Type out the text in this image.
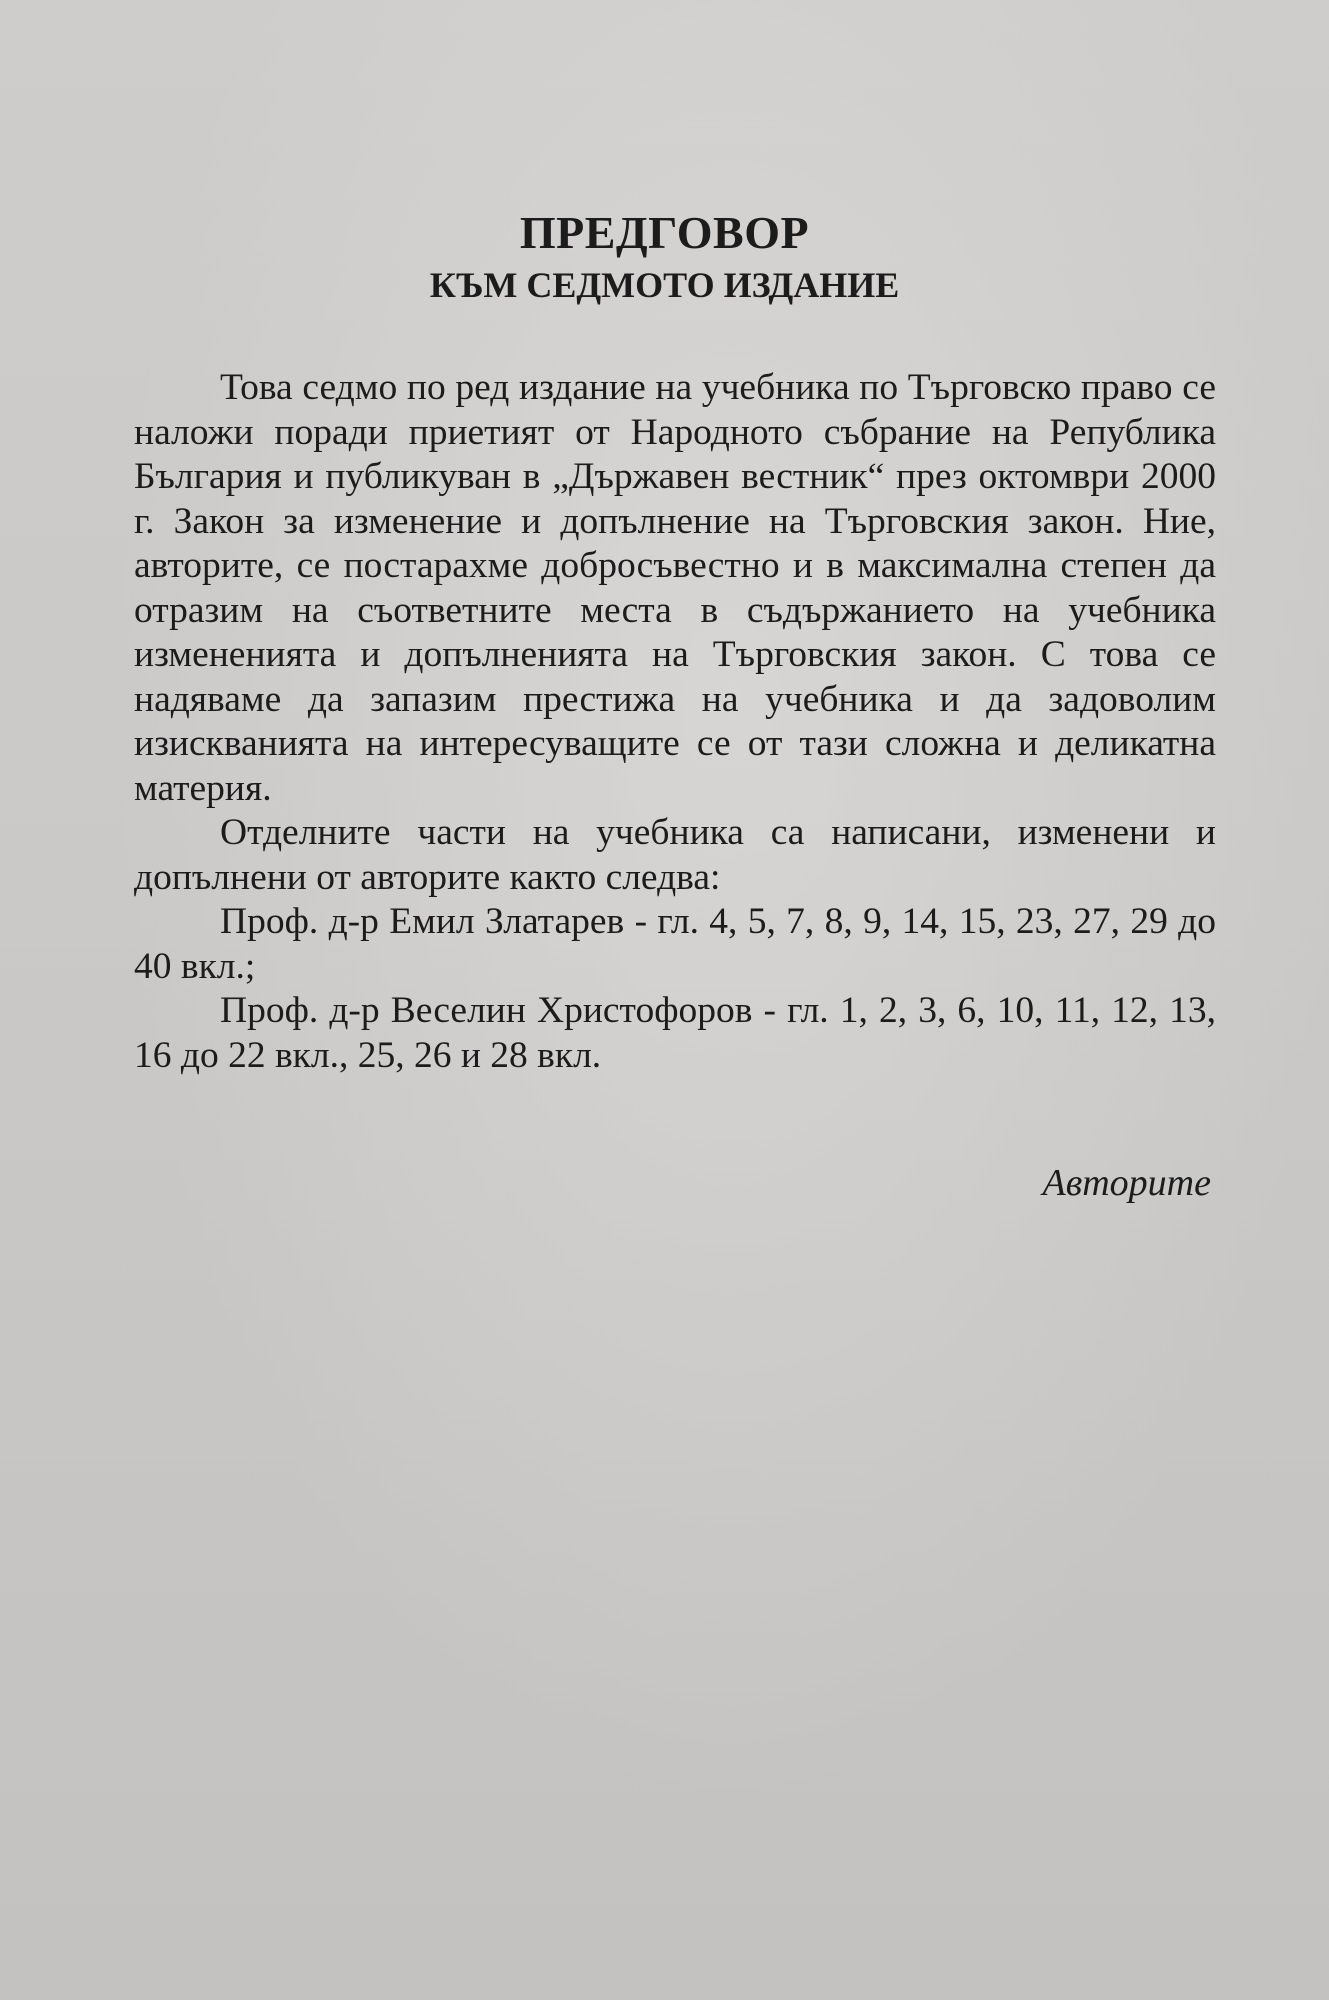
ПРЕДГОВОР
КЪМ СЕДМОТО ИЗДАНИЕ

Това седмо по ред издание на учебника по Търговско право се наложи поради приетият от Народното събрание на Република България и публикуван в „Държавен вестник“ през октомври 2000 г. Закон за изменение и допълнение на Търговския закон. Ние, авторите, се постарахме добросъвестно и в максимална степен да отразим на съответните места в съдържанието на учебника измененията и допълненията на Търговския закон. С това се надяваме да запазим престижа на учебника и да задоволим изискванията на интересуващите се от тази сложна и деликатна материя.

Отделните части на учебника са написани, изменени и допълнени от авторите както следва:

Проф. д-р Емил Златарев - гл. 4, 5, 7, 8, 9, 14, 15, 23, 27, 29 до 40 вкл.;

Проф. д-р Веселин Христофоров - гл. 1, 2, 3, 6, 10, 11, 12, 13, 16 до 22 вкл., 25, 26 и 28 вкл.

Авторите
